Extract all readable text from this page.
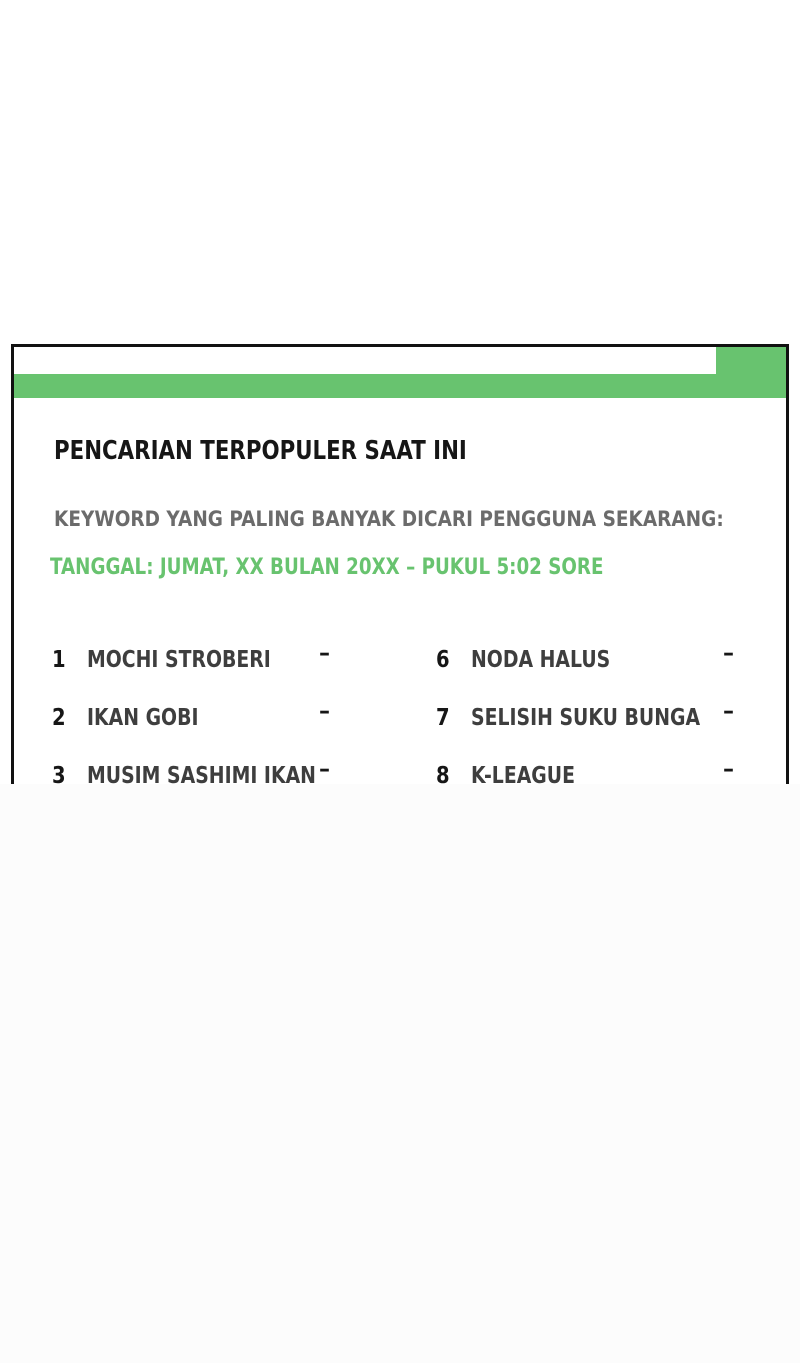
PENCARIAN TERPOPULER SAAT INI
KEYWORD YANG PALING BANYAK DICARI PENGGUNA SEKARANG:
TANGGAL: JUMAT, XX BULAN 20XX – PUKUL 5:02 SORE
1 MOCHI STROBERI –
2 IKAN GOBI	–
3 MUSIM SASHIMI IKAN –
6 NODA HALUS	–
7 SELISIH SUKU BUNGA –
8 K-LEAGUE	–
